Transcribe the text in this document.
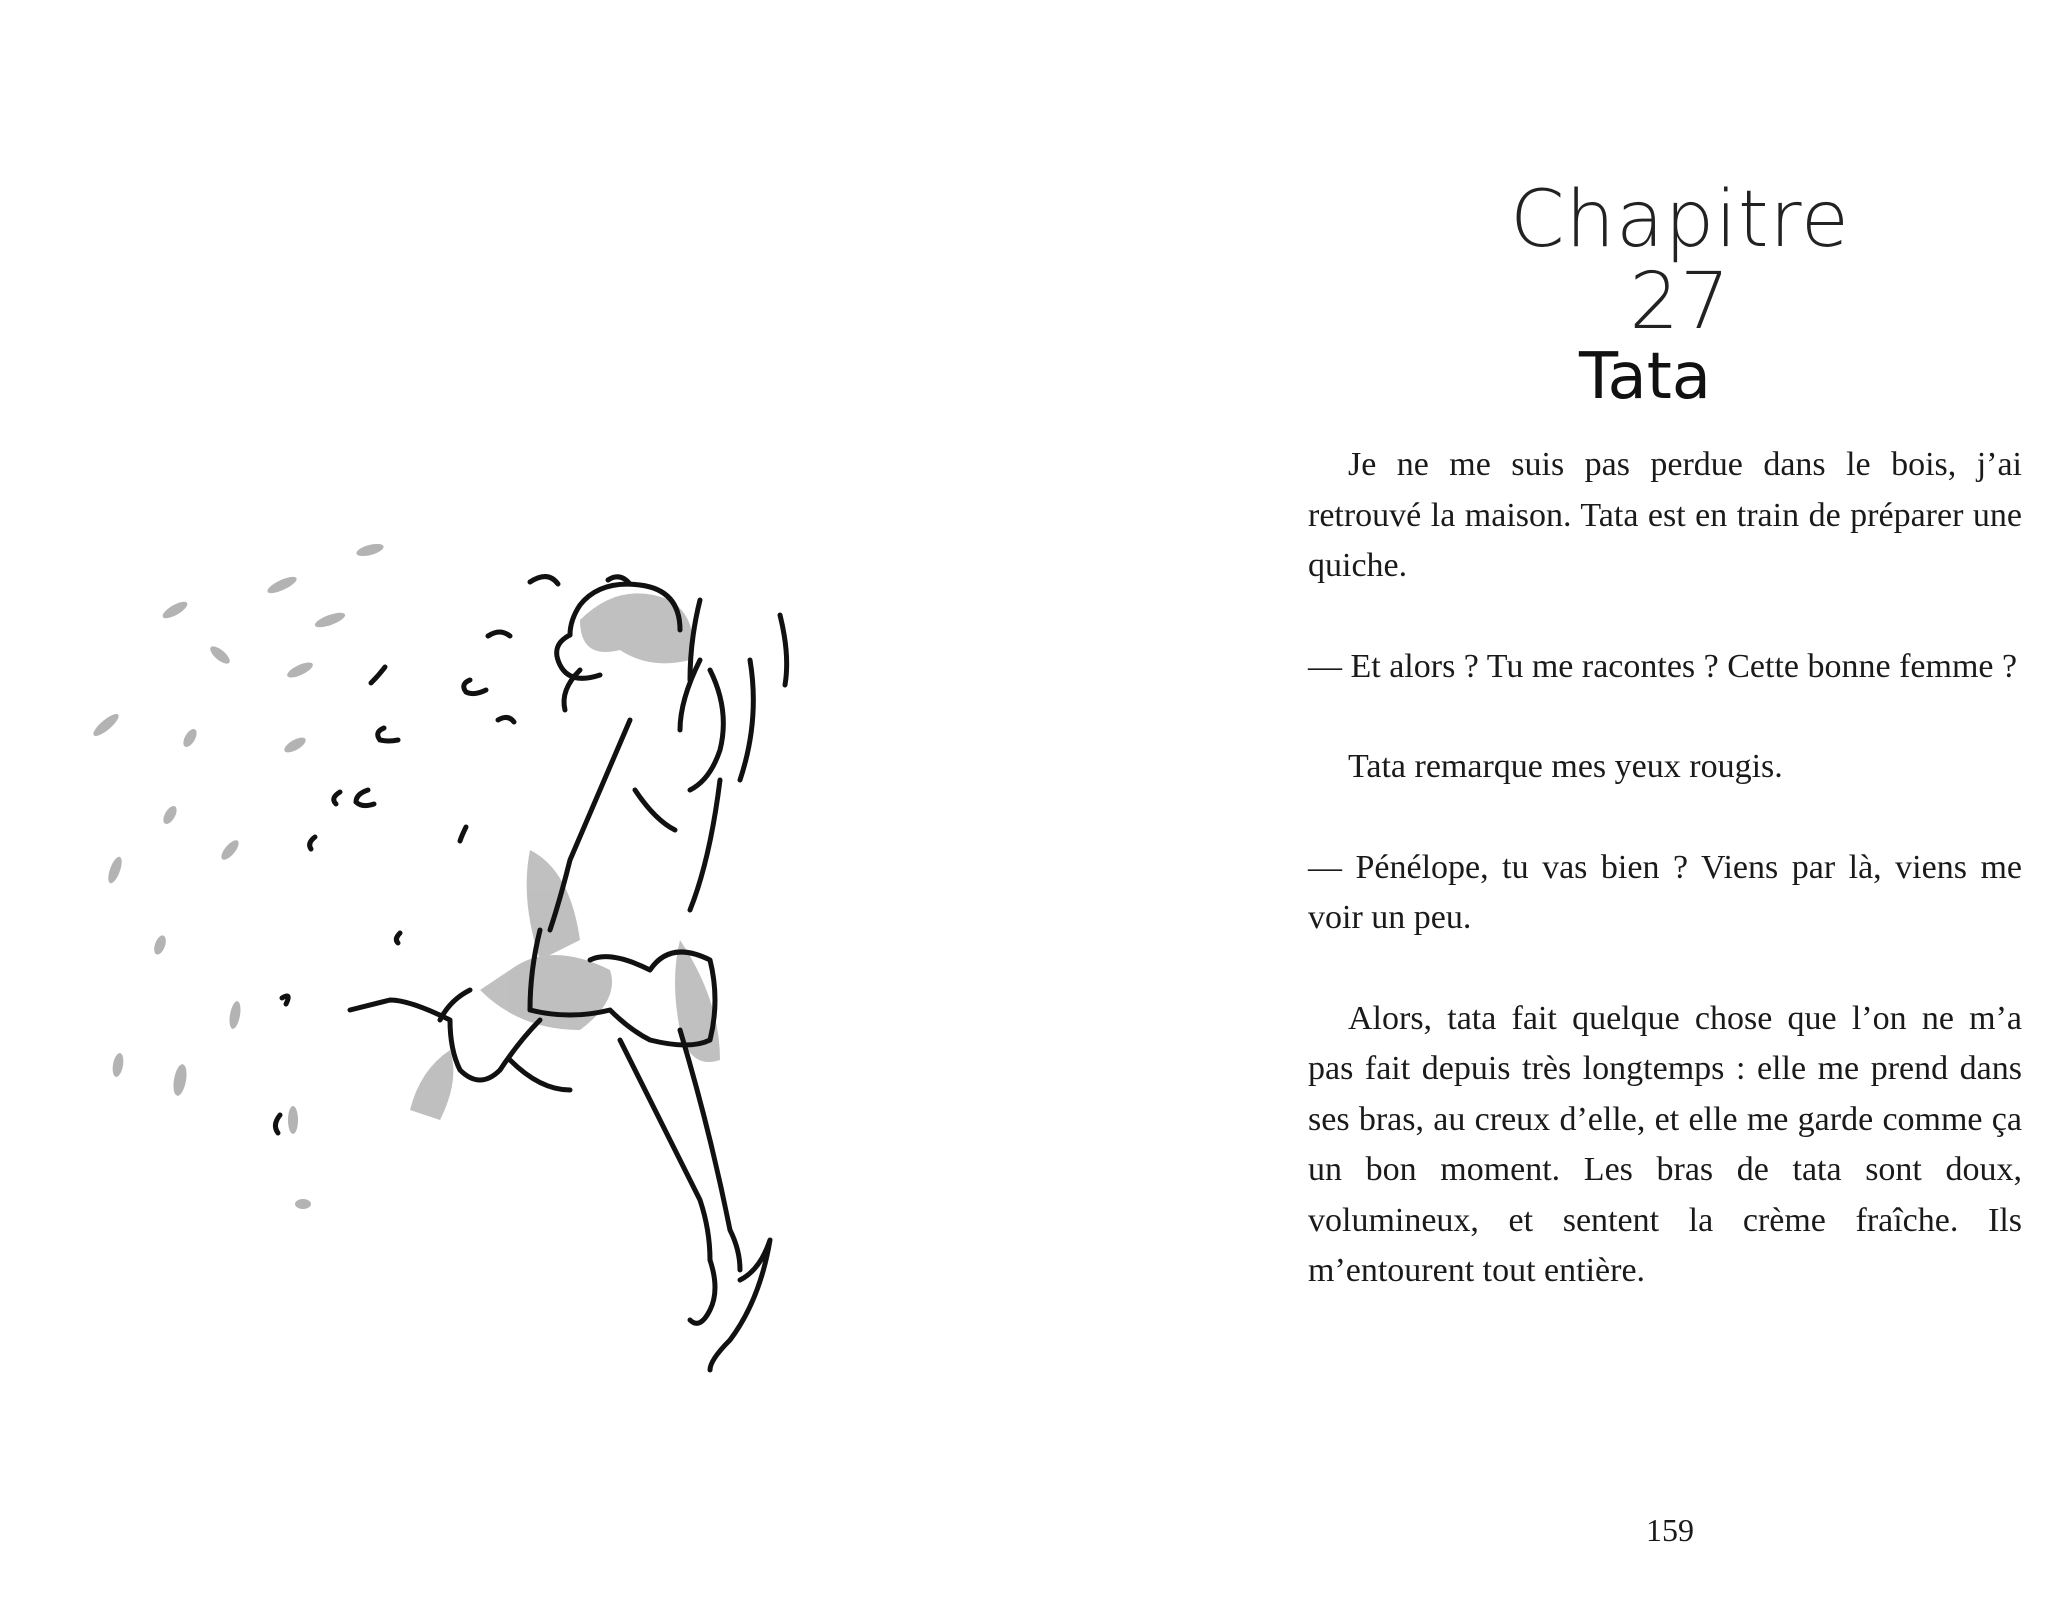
Chapitre 27
Tata

Je ne me suis pas perdue dans le bois, j’ai retrouvé la maison. Tata est en train de préparer une quiche.

— Et alors ? Tu me racontes ? Cette bonne femme ?

Tata remarque mes yeux rougis.

— Pénélope, tu vas bien ? Viens par là, viens me voir un peu.

Alors, tata fait quelque chose que l’on ne m’a pas fait depuis très longtemps : elle me prend dans ses bras, au creux d’elle, et elle me garde comme ça un bon moment. Les bras de tata sont doux, volumineux, et sentent la crème fraîche. Ils m’entourent tout entière.

159
